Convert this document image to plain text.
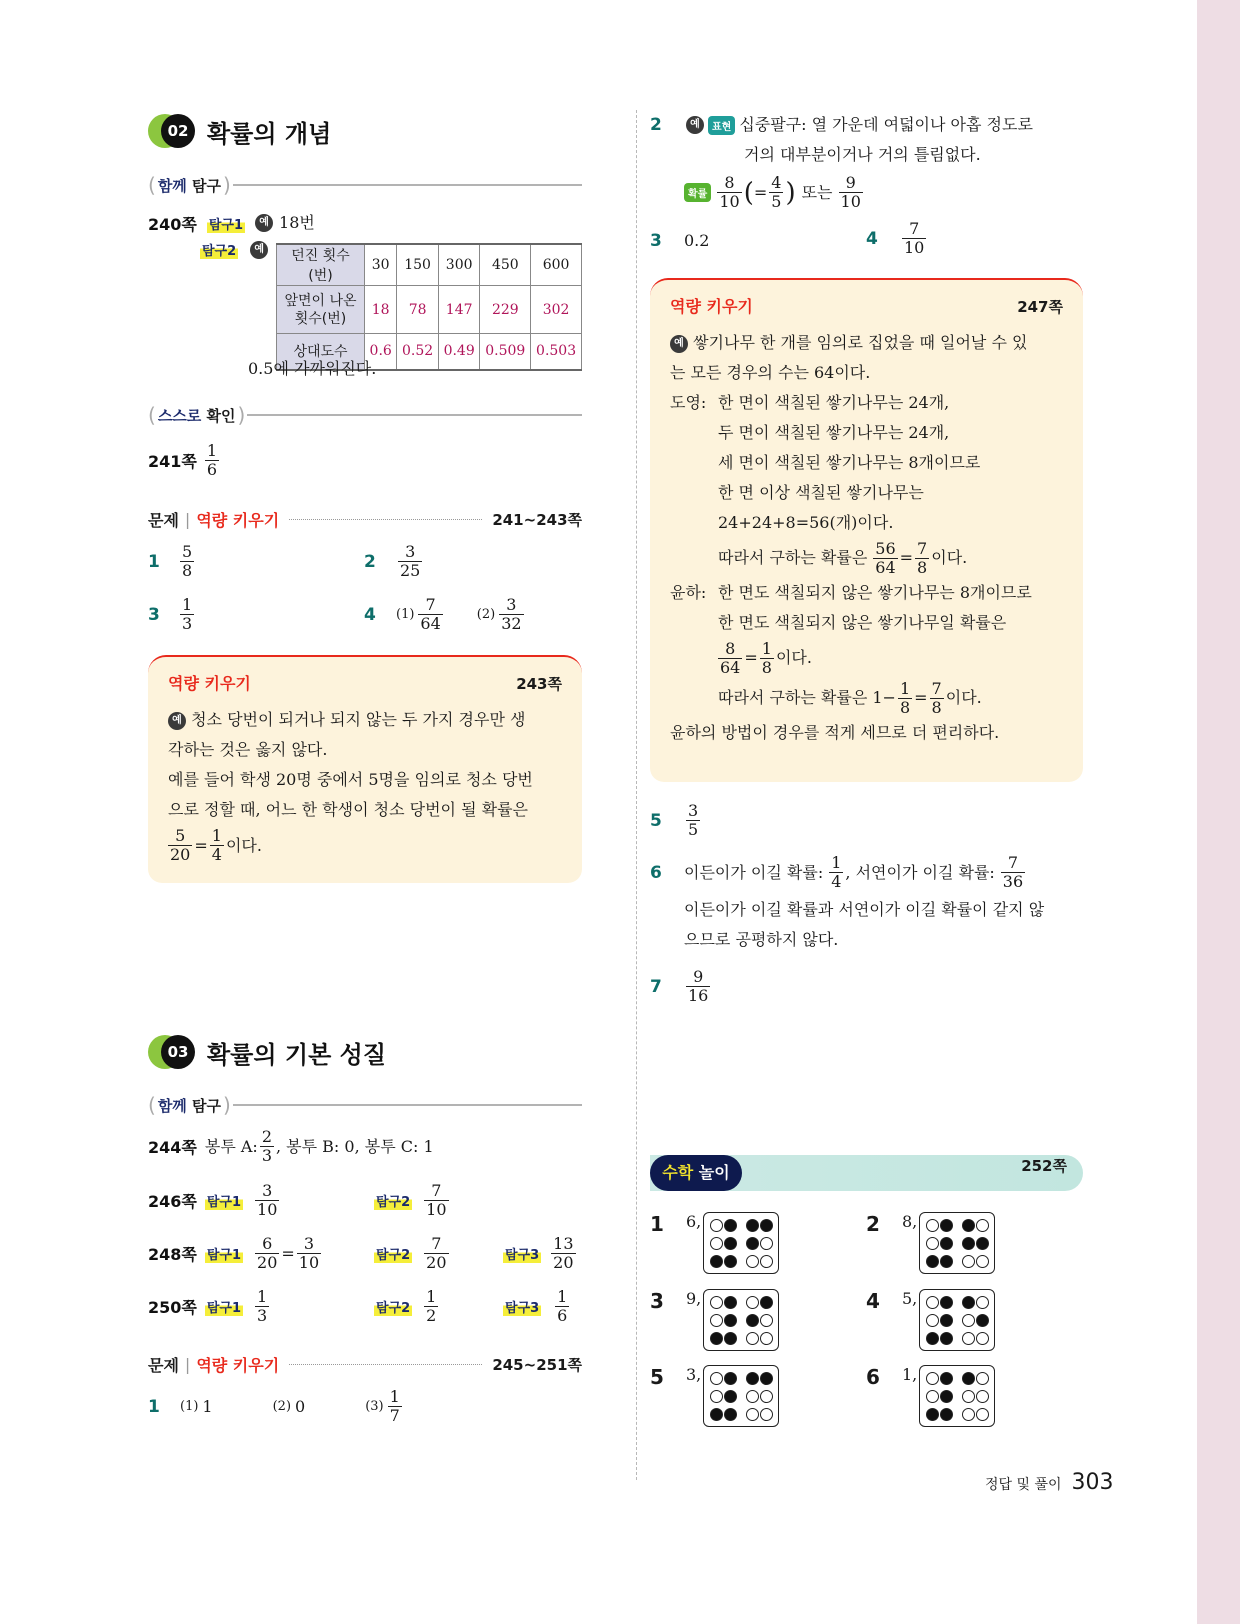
02 확률의 개념
( 함께 탐구 )
240쪽 탐구1	예 18번
탐구2	예 던진 횟수(번)	30	150	300	450	600
앞면이 나온 횟수(번)	18	78	147	229	302
상대도수	0.6	0.52	0.49	0.509	0.503
0.5에 가까워진다.
( 스스로 확인 )
241쪽 $\frac{1}{6}$
문제 | 역량 키우기	241~243쪽
1	$\frac{5}{8}$	2	$\frac{3}{25}$
3	$\frac{1}{3}$	4	$(1) \frac{7}{64}$	$(2) \frac{3}{32}$
역량 키우기	243쪽
예 청소 당번이 되거나 되지 않는 두 가지 경우만 생
각하는 것은 옳지 않다.
예를 들어 학생 20명 중에서 5명을 임의로 청소 당번
으로 정할 때, 어느 한 학생이 청소 당번이 될 확률은
$\frac{5}{20} = \frac{1}{4}$ 이다.
03 확률의 기본 성질
( 함께 탐구 )
244쪽 봉투 A: $\frac{2}{3}$ , 봉투 B: 0, 봉투 C: 1
246쪽 탐구$1 \frac{3}{10}$	탐구$2 \frac{7}{10}$
248쪽 탐구$1 \frac{6}{20} = \frac{3}{10}$	탐구$2 \frac{7}{20}$	탐구$3 \frac{13}{20}$
250쪽 탐구$1 \frac{1}{3}$	탐구$2 \frac{1}{2}$	탐구$3 \frac{1}{6}$
문제 | 역량 키우기	245~251쪽
1	(1) 1	(2) 0	$(3) \frac{1}{7}$
2	예	표현 십중팔구: 열 가운데 여덟이나 아홉 정도로
거의 대부분이거나 거의 틀림없다.
확률 $\frac{8}{10}$ ( = $\frac{4}{5}$ ) 또는 $\frac{9}{10}$
3	0.2	4	$\frac{7}{10}$
역량 키우기	247쪽
예 쌓기나무 한 개를 임의로 집었을 때 일어날 수 있
는 모든 경우의 수는 64이다.
도영: 한 면이 색칠된 쌓기나무는 24개,
두 면이 색칠된 쌓기나무는 24개,
세 면이 색칠된 쌓기나무는 8개이므로
한 면 이상 색칠된 쌓기나무는
24+24+8=56(개)이다.
따라서 구하는 확률은 $\frac{56}{64} = \frac{7}{8}$ 이다.
윤하: 한 면도 색칠되지 않은 쌓기나무는 8개이므로
한 면도 색칠되지 않은 쌓기나무일 확률은
$\frac{8}{64} = \frac{1}{8}$ 이다.
따라서 구하는 확률은 $1- \frac{1}{8} = \frac{7}{8}$ 이다.
윤하의 방법이 경우를 적게 세므로 더 편리하다.
5	$\frac{3}{5}$
6	이든이가 이길 확률: $\frac{1}{4}$ , 서연이가 이길 확률: $\frac{7}{36}$
이든이가 이길 확률과 서연이가 이길 확률이 같지 않
으므로 공평하지 않다.
7	$\frac{9}{16}$
수학 놀이	252쪽
1	6,	2	8,
3	9,	4	5,
5	3,	6	1,
정답 및 풀이 303
